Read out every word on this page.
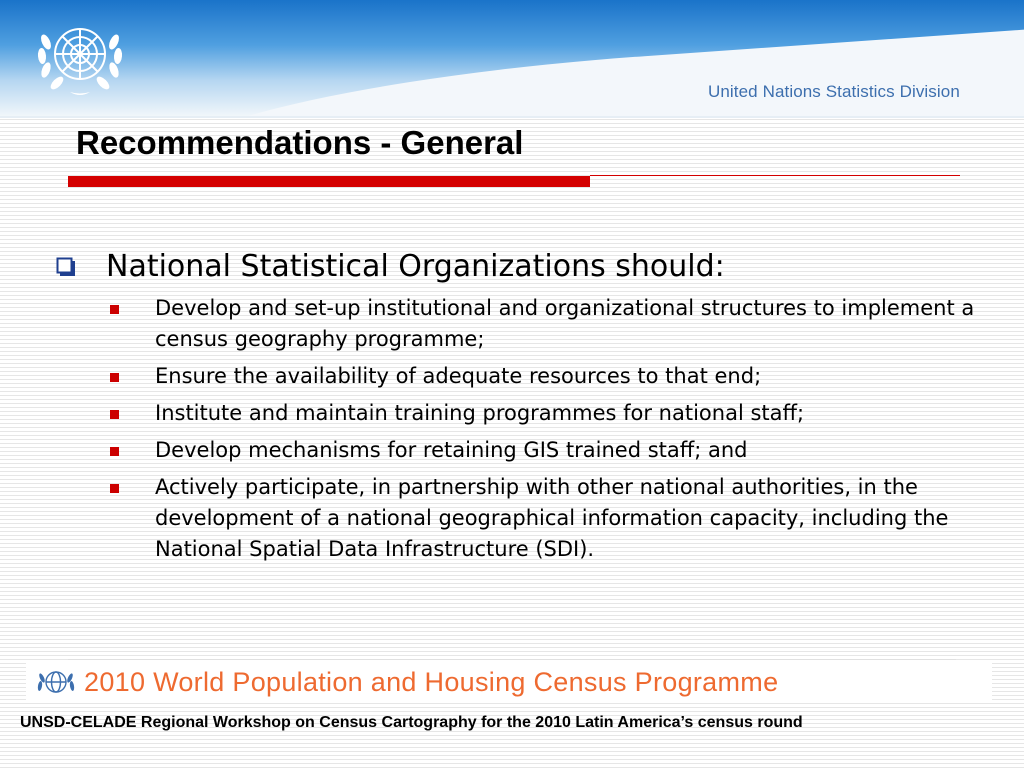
United Nations Statistics Division
Recommendations - General
National Statistical Organizations should:
Develop and set-up institutional and organizational structures to implement a census geography programme;
Ensure the availability of adequate resources to that end;
Institute and maintain training programmes for national staff;
Develop mechanisms for retaining GIS trained staff; and
Actively participate, in partnership with other national authorities, in the development of a national geographical information capacity, including the National Spatial Data Infrastructure (SDI).
2010 World Population and Housing Census Programme

UNSD-CELADE Regional Workshop on Census Cartography for the 2010 Latin America’s census round
